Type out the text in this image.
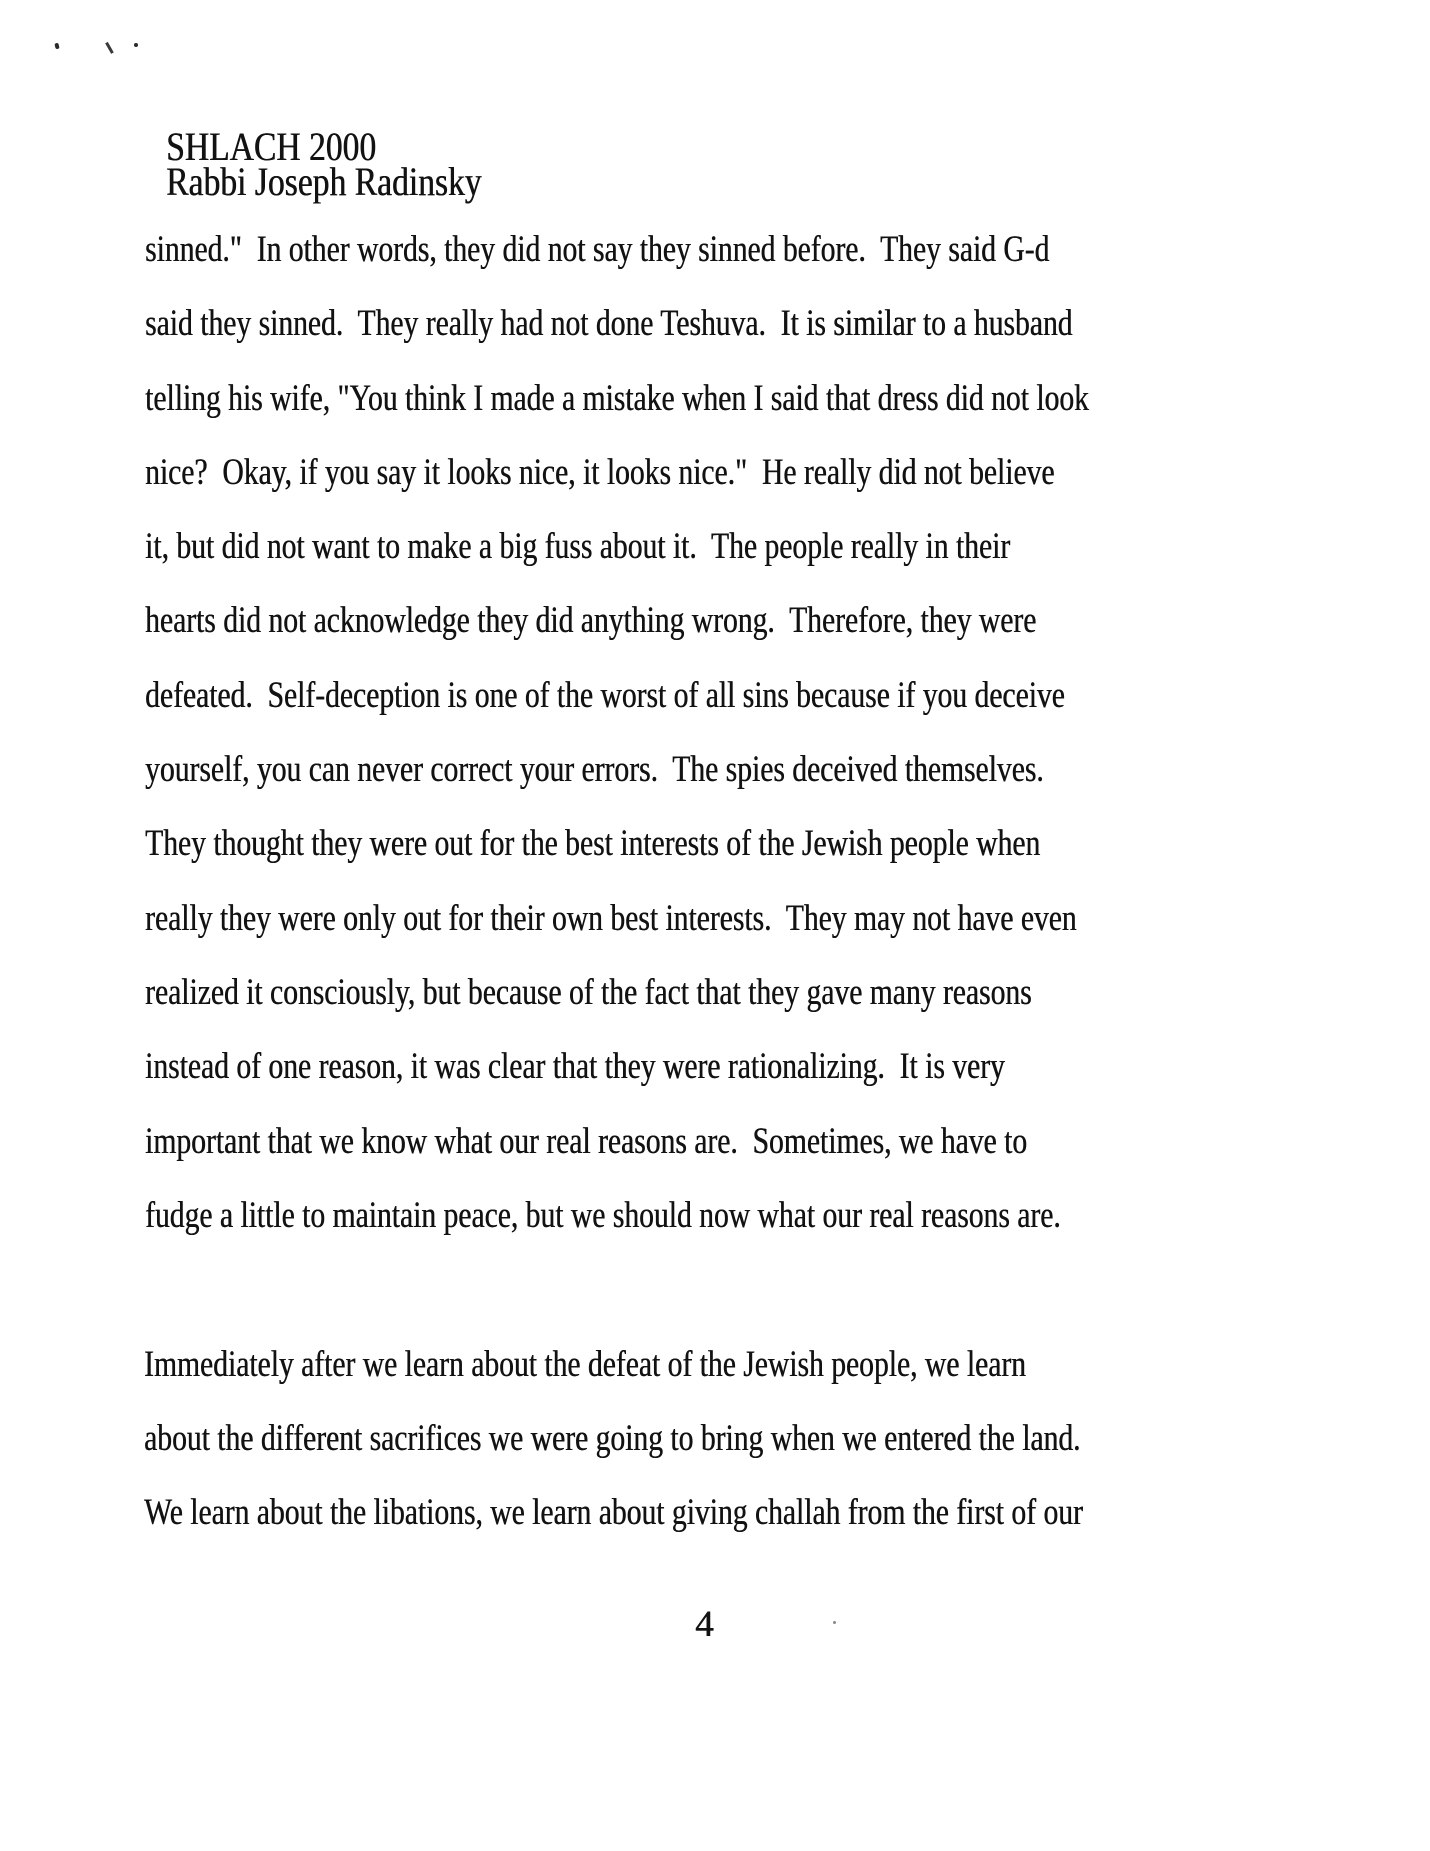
SHLACH 2000
Rabbi Joseph Radinsky
sinned."  In other words, they did not say they sinned before.  They said G-d
said they sinned.  They really had not done Teshuva.  It is similar to a husband
telling his wife, "You think I made a mistake when I said that dress did not look
nice?  Okay, if you say it looks nice, it looks nice."  He really did not believe
it, but did not want to make a big fuss about it.  The people really in their
hearts did not acknowledge they did anything wrong.  Therefore, they were
defeated.  Self-deception is one of the worst of all sins because if you deceive
yourself, you can never correct your errors.  The spies deceived themselves.
They thought they were out for the best interests of the Jewish people when
really they were only out for their own best interests.  They may not have even
realized it consciously, but because of the fact that they gave many reasons
instead of one reason, it was clear that they were rationalizing.  It is very
important that we know what our real reasons are.  Sometimes, we have to
fudge a little to maintain peace, but we should now what our real reasons are.
Immediately after we learn about the defeat of the Jewish people, we learn
about the different sacrifices we were going to bring when we entered the land.
We learn about the libations, we learn about giving challah from the first of our
4
